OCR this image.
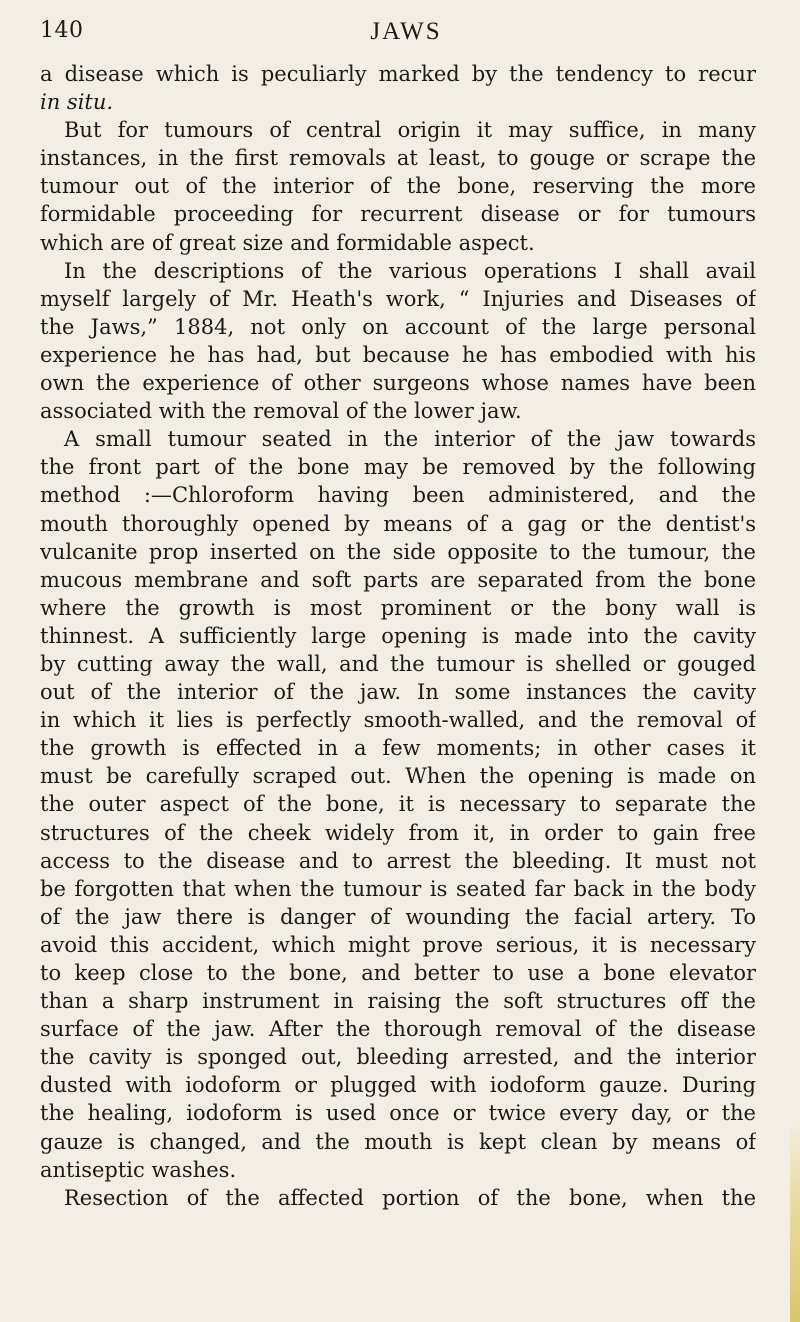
140	JAWS
a disease which is peculiarly marked by the tendency to recur
in situ.
But for tumours of central origin it may suffice, in many
instances, in the first removals at least, to gouge or scrape the
tumour out of the interior of the bone, reserving the more
formidable proceeding for recurrent disease or for tumours
which are of great size and formidable aspect.
In the descriptions of the various operations I shall avail
myself largely of Mr. Heath's work, “ Injuries and Diseases of
the Jaws,” 1884, not only on account of the large personal
experience he has had, but because he has embodied with his
own the experience of other surgeons whose names have been
associated with the removal of the lower jaw.
A small tumour seated in the interior of the jaw towards
the front part of the bone may be removed by the following
method :—Chloroform having been administered, and the
mouth thoroughly opened by means of a gag or the dentist's
vulcanite prop inserted on the side opposite to the tumour, the
mucous membrane and soft parts are separated from the bone
where the growth is most prominent or the bony wall is
thinnest. A sufficiently large opening is made into the cavity
by cutting away the wall, and the tumour is shelled or gouged
out of the interior of the jaw. In some instances the cavity
in which it lies is perfectly smooth-walled, and the removal of
the growth is effected in a few moments; in other cases it
must be carefully scraped out. When the opening is made on
the outer aspect of the bone, it is necessary to separate the
structures of the cheek widely from it, in order to gain free
access to the disease and to arrest the bleeding. It must not
be forgotten that when the tumour is seated far back in the body
of the jaw there is danger of wounding the facial artery. To
avoid this accident, which might prove serious, it is necessary
to keep close to the bone, and better to use a bone elevator
than a sharp instrument in raising the soft structures off the
surface of the jaw. After the thorough removal of the disease
the cavity is sponged out, bleeding arrested, and the interior
dusted with iodoform or plugged with iodoform gauze. During
the healing, iodoform is used once or twice every day, or the
gauze is changed, and the mouth is kept clean by means of
antiseptic washes.
Resection of the affected portion of the bone, when the
